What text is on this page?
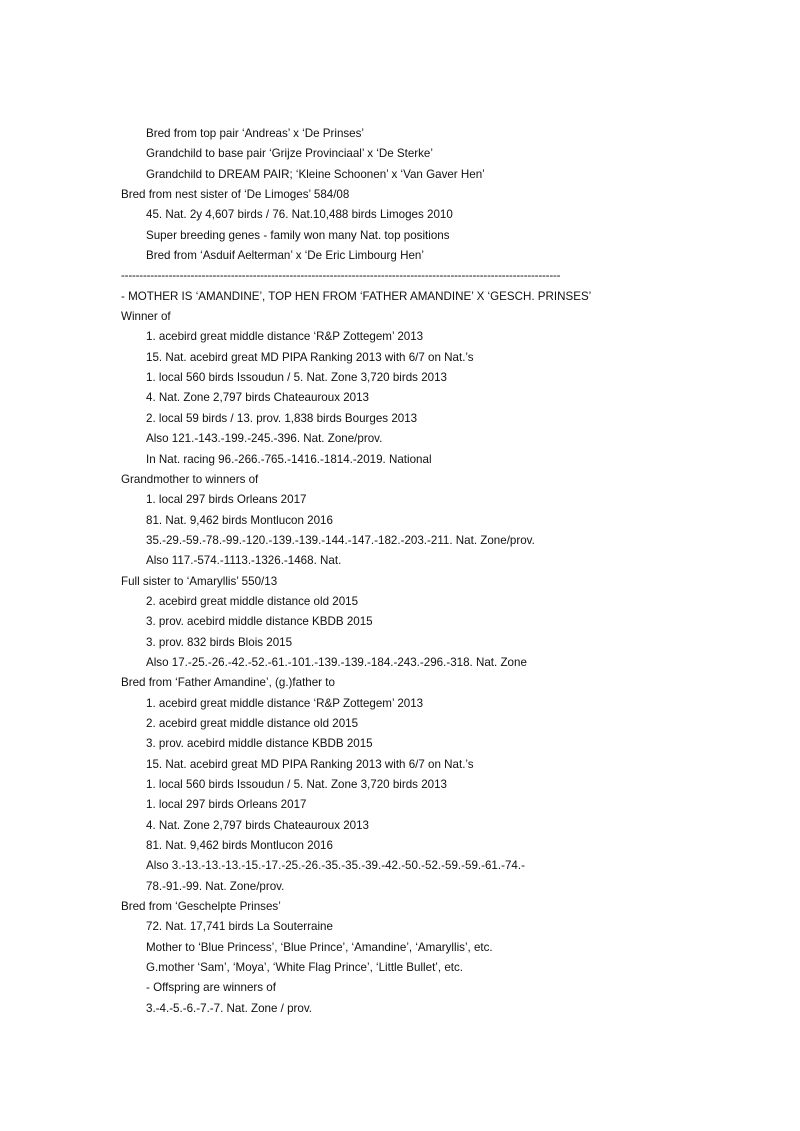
Bred from top pair ‘Andreas’ x ‘De Prinses’
Grandchild to base pair ‘Grijze Provinciaal’ x ‘De Sterke’
Grandchild to DREAM PAIR; ‘Kleine Schoonen’ x ‘Van Gaver Hen’
Bred from nest sister of ‘De Limoges’ 584/08
45. Nat. 2y 4,607 birds / 76. Nat.10,488 birds Limoges 2010
Super breeding genes - family won many Nat. top positions
Bred from ‘Asduif Aelterman’ x ‘De Eric Limbourg Hen’
------------------------------------------------------------------------------------------------------------------------
- MOTHER IS ‘AMANDINE’, TOP HEN FROM ‘FATHER AMANDINE’ X ‘GESCH. PRINSES’
Winner of
1. acebird great middle distance ‘R&P Zottegem’ 2013
15. Nat. acebird great MD PIPA Ranking 2013 with 6/7 on Nat.’s
1. local 560 birds Issoudun / 5. Nat. Zone 3,720 birds 2013
4. Nat. Zone 2,797 birds Chateauroux 2013
2. local 59 birds / 13. prov. 1,838 birds Bourges 2013
Also 121.-143.-199.-245.-396. Nat. Zone/prov.
In Nat. racing 96.-266.-765.-1416.-1814.-2019. National
Grandmother to winners of
1. local 297 birds Orleans 2017
81. Nat. 9,462 birds Montlucon 2016
35.-29.-59.-78.-99.-120.-139.-139.-144.-147.-182.-203.-211. Nat. Zone/prov.
Also 117.-574.-1113.-1326.-1468. Nat.
Full sister to ‘Amaryllis’ 550/13
2. acebird great middle distance old 2015
3. prov. acebird middle distance KBDB 2015
3. prov. 832 birds Blois 2015
Also 17.-25.-26.-42.-52.-61.-101.-139.-139.-184.-243.-296.-318. Nat. Zone
Bred from ‘Father Amandine’, (g.)father to
1. acebird great middle distance ‘R&P Zottegem’ 2013
2. acebird great middle distance old 2015
3. prov. acebird middle distance KBDB 2015
15. Nat. acebird great MD PIPA Ranking 2013 with 6/7 on Nat.’s
1. local 560 birds Issoudun / 5. Nat. Zone 3,720 birds 2013
1. local 297 birds Orleans 2017
4. Nat. Zone 2,797 birds Chateauroux 2013
81. Nat. 9,462 birds Montlucon 2016
Also 3.-13.-13.-13.-15.-17.-25.-26.-35.-35.-39.-42.-50.-52.-59.-59.-61.-74.-
78.-91.-99. Nat. Zone/prov.
Bred from ‘Geschelpte Prinses’
72. Nat. 17,741 birds La Souterraine
Mother to ‘Blue Princess’, ‘Blue Prince’, ‘Amandine’, ‘Amaryllis’, etc.
G.mother ‘Sam’, ‘Moya’, ‘White Flag Prince’, ‘Little Bullet’, etc.
- Offspring are winners of
3.-4.-5.-6.-7.-7. Nat. Zone / prov.
